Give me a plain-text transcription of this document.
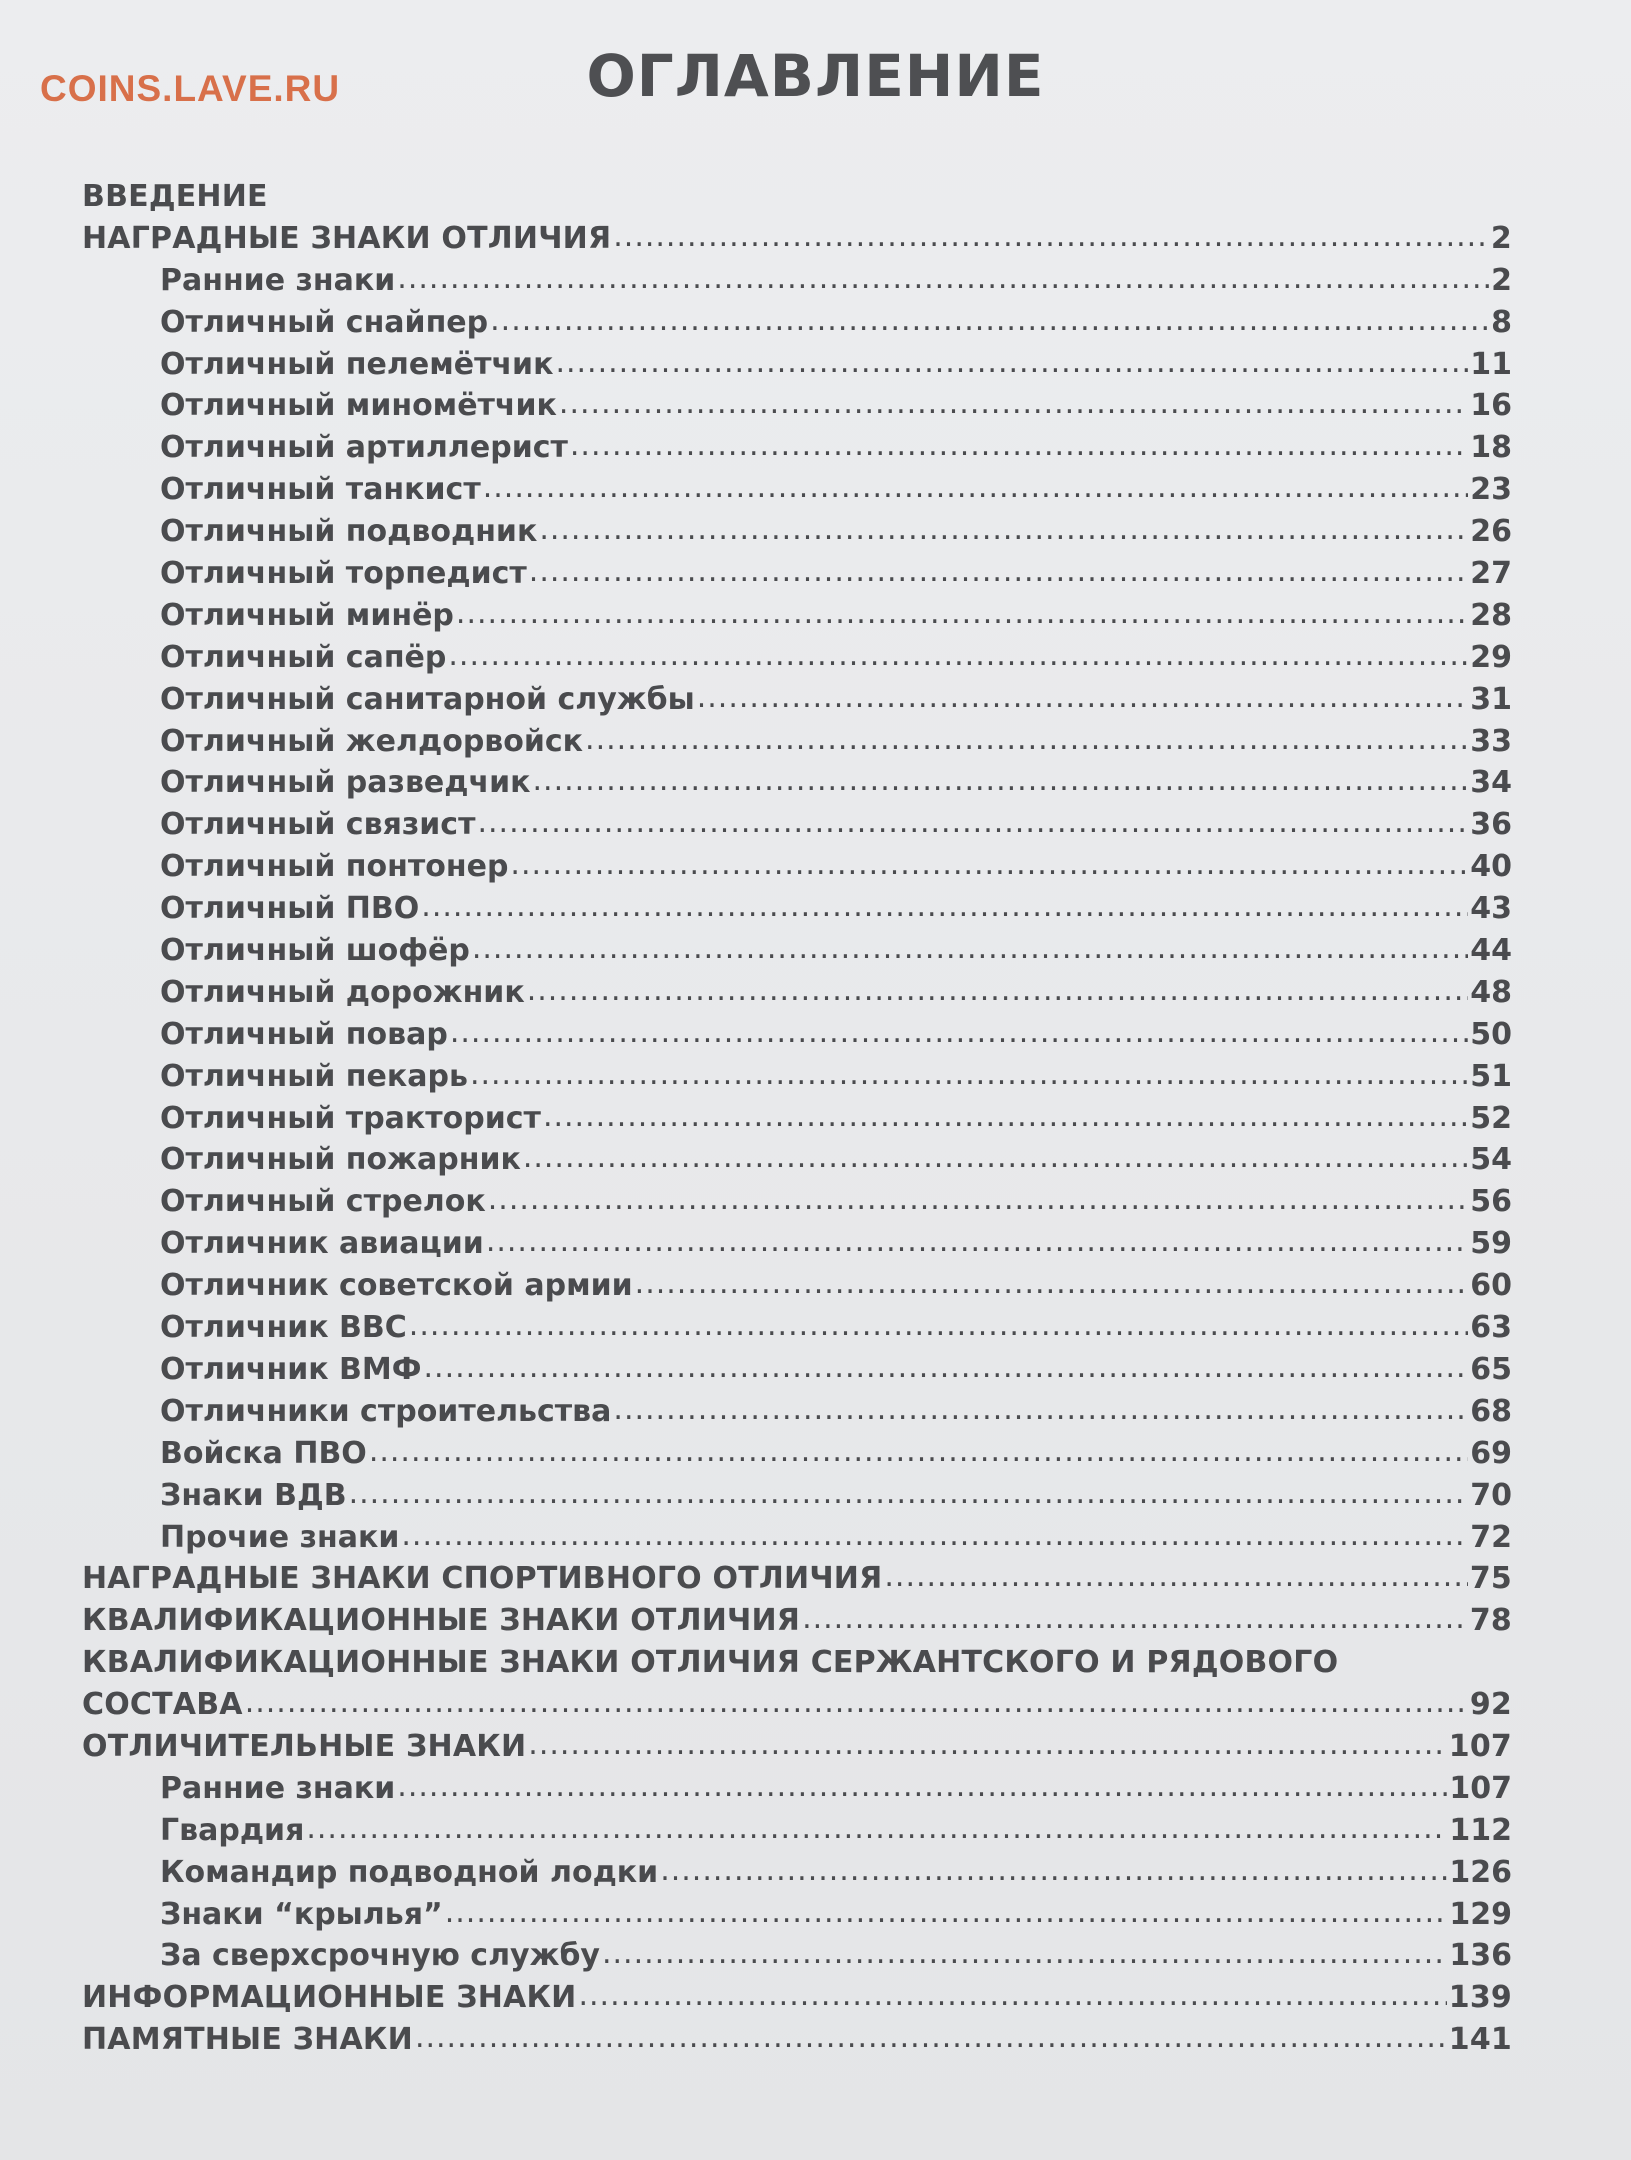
COINS.LAVE.RU	ОГЛАВЛЕНИЕ
ВВЕДЕНИЕ
НАГРАДНЫЕ ЗНАКИ ОТЛИЧИЯ .....	2
Ранние знаки .....	2
Отличный снайпер .....	8
Отличный пелемётчик .....	11
Отличный миномётчик .....	16
Отличный артиллерист .....	18
Отличный танкист .....	23
Отличный подводник .....	26
Отличный торпедист .....	27
Отличный минёр .....	28
Отличный сапёр .....	29
Отличный санитарной службы .....	31
Отличный желдорвойск .....	33
Отличный разведчик .....	34
Отличный связист .....	36
Отличный понтонер .....	40
Отличный ПВО .....	43
Отличный шофёр .....	44
Отличный дорожник .....	48
Отличный повар .....	50
Отличный пекарь .....	51
Отличный тракторист .....	52
Отличный пожарник .....	54
Отличный стрелок .....	56
Отличник авиации .....	59
Отличник советской армии .....	60
Отличник ВВС .....	63
Отличник ВМФ .....	65
Отличники строительства .....	68
Войска ПВО .....	69
Знаки ВДВ .....	70
Прочие знаки .....	72
НАГРАДНЫЕ ЗНАКИ СПОРТИВНОГО ОТЛИЧИЯ .....	75
КВАЛИФИКАЦИОННЫЕ ЗНАКИ ОТЛИЧИЯ .....	78
КВАЛИФИКАЦИОННЫЕ ЗНАКИ ОТЛИЧИЯ СЕРЖАНТСКОГО И РЯДОВОГО
СОСТАВА .....	92
ОТЛИЧИТЕЛЬНЫЕ ЗНАКИ .....	107
Ранние знаки .....	107
Гвардия .....	112
Командир подводной лодки .....	126
Знаки “крылья” .....	129
За сверхсрочную службу .....	136
ИНФОРМАЦИОННЫЕ ЗНАКИ .....	139
ПАМЯТНЫЕ ЗНАКИ .....	141
